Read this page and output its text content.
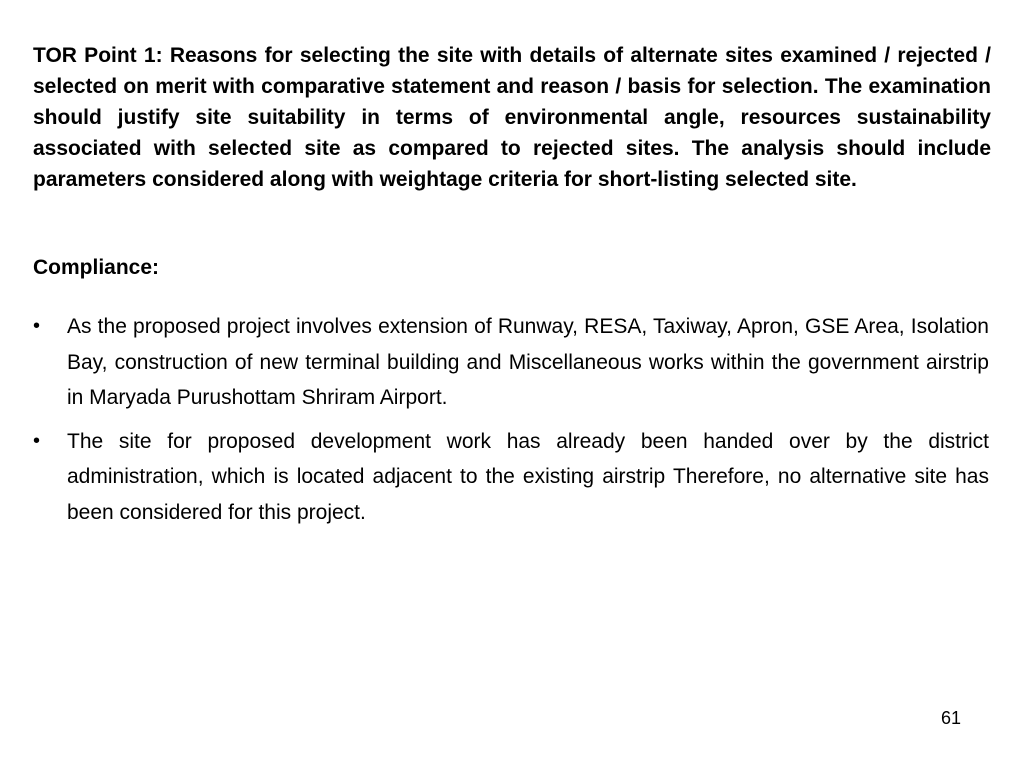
TOR Point 1: Reasons for selecting the site with details of alternate sites examined / rejected / selected on merit with comparative statement and reason / basis for selection. The examination should justify site suitability in terms of environmental angle, resources sustainability associated with selected site as compared to rejected sites. The analysis should include parameters considered along with weightage criteria for short-listing selected site.

Compliance:

• As the proposed project involves extension of Runway, RESA, Taxiway, Apron, GSE Area, Isolation Bay, construction of new terminal building and Miscellaneous works within the government airstrip in Maryada Purushottam Shriram Airport.
• The site for proposed development work has already been handed over by the district administration, which is located adjacent to the existing airstrip Therefore, no alternative site has been considered for this project.
61
